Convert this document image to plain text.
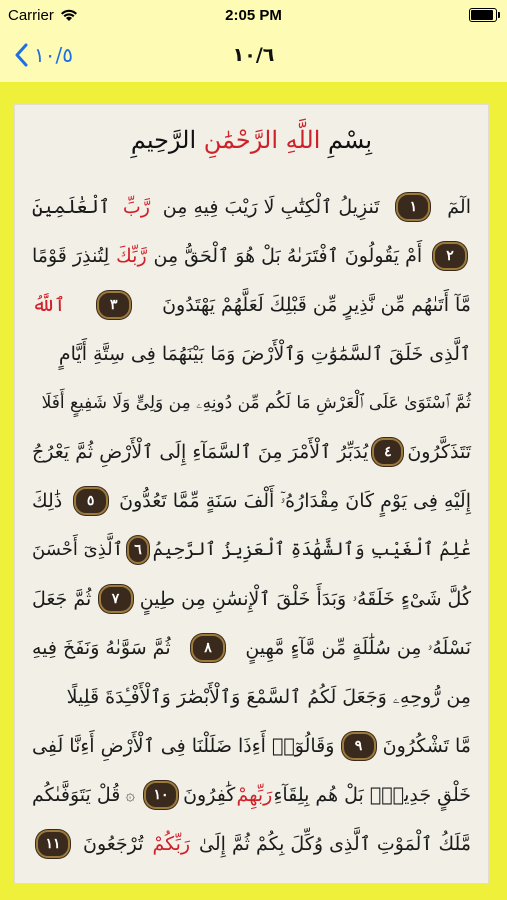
Carrier	2:05 PM
١٠/٥	١٠/٦
بِسْمِ اللَّهِ الرَّحْمَٰنِ الرَّحِيمِ
الٓمٓ
١
تَنزِيلُ ٱلْكِتَٰبِ لَا رَيْبَ فِيهِ مِن
رَّبِّ
ٱلْعَٰلَمِينَ
٢
أَمْ يَقُولُونَ ٱفْتَرَىٰهُ بَلْ هُوَ ٱلْحَقُّ مِن
رَّبِّكَ
لِتُنذِرَ قَوْمًا
مَّآ أَتَىٰهُم مِّن نَّذِيرٍ مِّن قَبْلِكَ لَعَلَّهُمْ يَهْتَدُونَ
٣
ٱللَّهُ
ٱلَّذِى خَلَقَ ٱلسَّمَٰوَٰتِ وَٱلْأَرْضَ وَمَا بَيْنَهُمَا فِى سِتَّةِ أَيَّامٍ
ثُمَّ ٱسْتَوَىٰ عَلَى ٱلْعَرْشِ مَا لَكُم مِّن دُونِهِۦ مِن وَلِىٍّ وَلَا شَفِيعٍ أَفَلَا
تَتَذَكَّرُونَ
٤
يُدَبِّرُ ٱلْأَمْرَ مِنَ ٱلسَّمَآءِ إِلَى ٱلْأَرْضِ ثُمَّ يَعْرُجُ
إِلَيْهِ فِى يَوْمٍ كَانَ مِقْدَارُهُۥٓ أَلْفَ سَنَةٍ مِّمَّا تَعُدُّونَ
٥
ذَٰلِكَ
عَٰلِمُ ٱلْغَيْبِ وَٱلشَّهَٰدَةِ ٱلْعَزِيزُ ٱلرَّحِيمُ
٦
ٱلَّذِىٓ أَحْسَنَ
كُلَّ شَىْءٍ خَلَقَهُۥ وَبَدَأَ خَلْقَ ٱلْإِنسَٰنِ مِن طِينٍ
٧
ثُمَّ جَعَلَ
نَسْلَهُۥ مِن سُلَٰلَةٍ مِّن مَّآءٍ مَّهِينٍ
٨
ثُمَّ سَوَّىٰهُ وَنَفَخَ فِيهِ
مِن رُّوحِهِۦ وَجَعَلَ لَكُمُ ٱلسَّمْعَ وَٱلْأَبْصَٰرَ وَٱلْأَفْـِٔدَةَ قَلِيلًا
مَّا تَشْكُرُونَ
٩
وَقَالُوٓا۟ أَءِذَا ضَلَلْنَا فِى ٱلْأَرْضِ أَءِنَّا لَفِى
خَلْقٍ جَدِيدٍۭ بَلْ هُم بِلِقَآءِ
رَبِّهِمْ
كَٰفِرُونَ
١٠
۞
قُلْ يَتَوَفَّىٰكُم
مَّلَكُ ٱلْمَوْتِ ٱلَّذِى وُكِّلَ بِكُمْ ثُمَّ إِلَىٰ
رَبِّكُمْ
تُرْجَعُونَ
١١
